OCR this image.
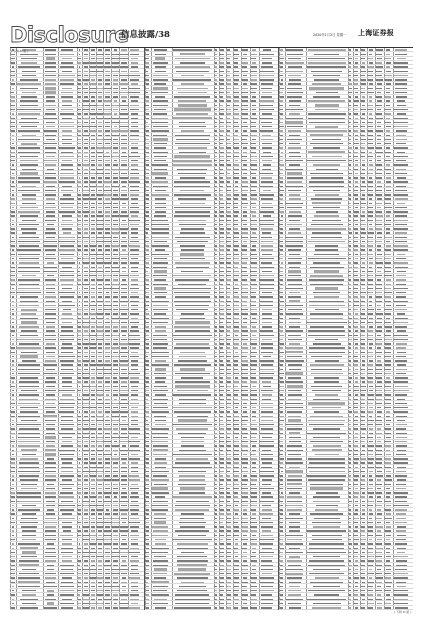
Disclosure
信息披露/38	2020年1月2日 星期一 上海证券报
( 下转 D 版 )
( 下转 D 版 )
